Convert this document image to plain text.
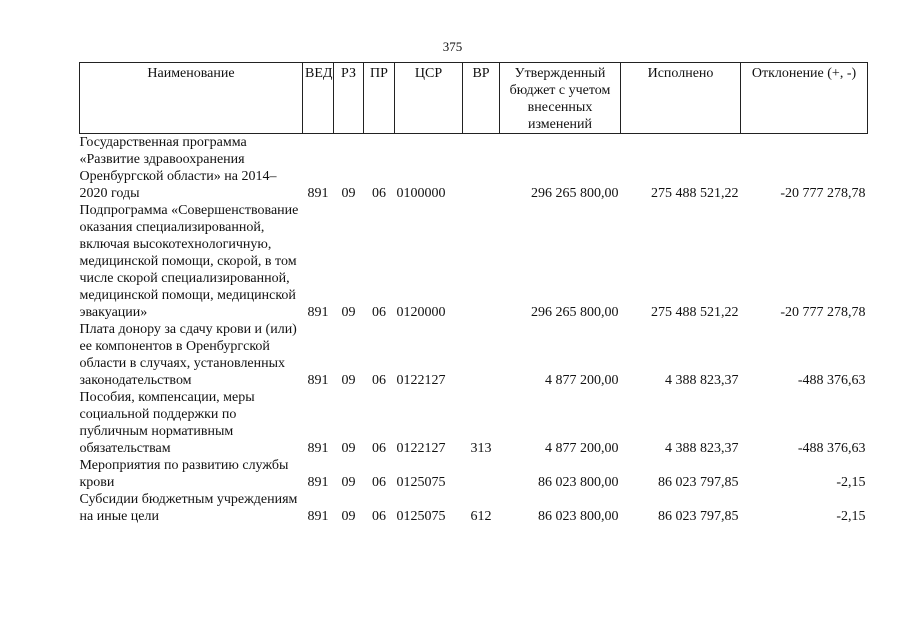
375
Наименование	ВЕД	РЗ	ПР	ЦСР	ВР	Утвержденный бюджет с учетом внесенных изменений	Исполнено	Отклонение (+, -)
Государственная программа «Развитие здравоохранения Оренбургской области» на 2014–2020 годы	891	09	06	0100000		296 265 800,00	275 488 521,22	-20 777 278,78
Подпрограмма «Совершенствование оказания специализированной, включая высокотехнологичную, медицинской помощи, скорой, в том числе скорой специализированной, медицинской помощи, медицинской эвакуации»	891	09	06	0120000		296 265 800,00	275 488 521,22	-20 777 278,78
Плата донору за сдачу крови и (или) ее компонентов в Оренбургской области в случаях, установленных законодательством	891	09	06	0122127		4 877 200,00	4 388 823,37	-488 376,63
Пособия, компенсации, меры социальной поддержки по публичным нормативным обязательствам	891	09	06	0122127	313	4 877 200,00	4 388 823,37	-488 376,63
Мероприятия по развитию службы крови	891	09	06	0125075		86 023 800,00	86 023 797,85	-2,15
Субсидии бюджетным учреждениям на иные цели	891	09	06	0125075	612	86 023 800,00	86 023 797,85	-2,15
